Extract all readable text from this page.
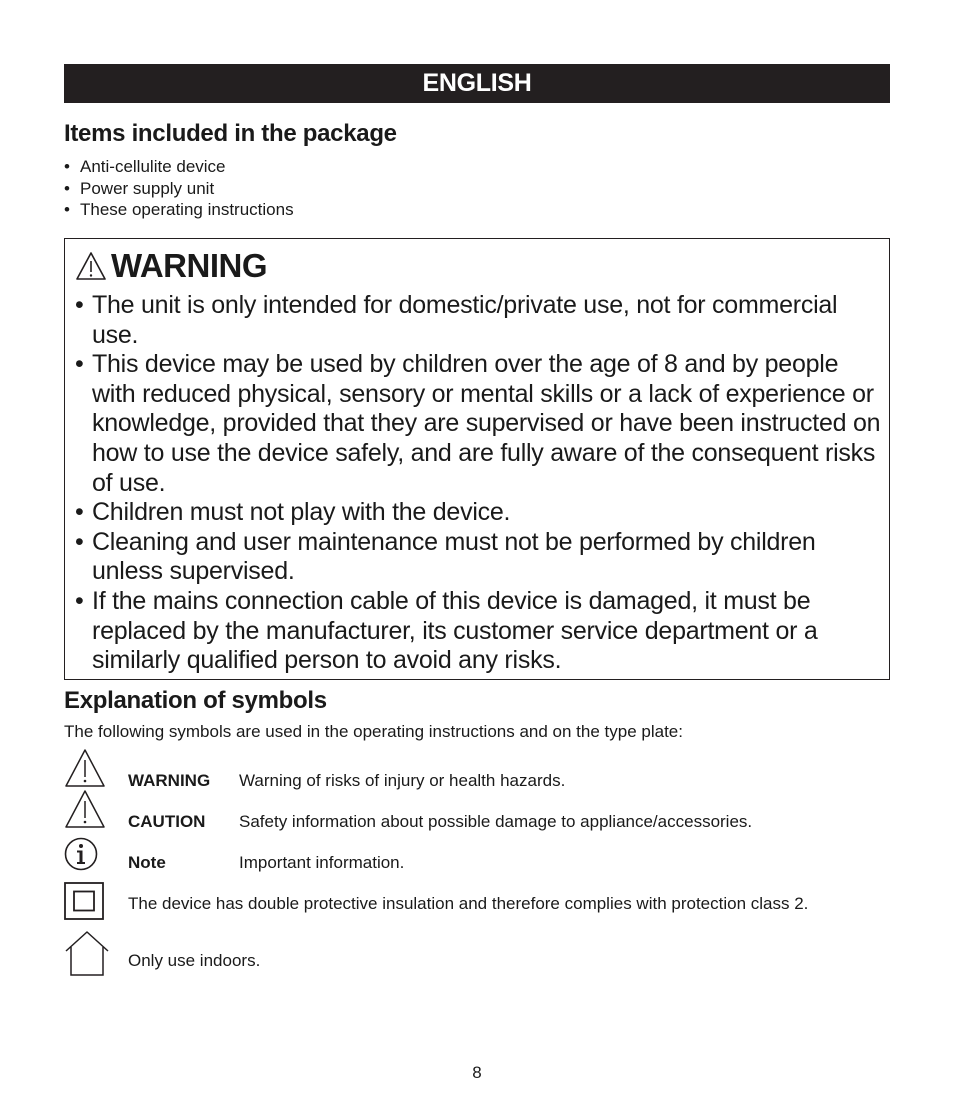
ENGLISH
Items included in the package
• Anti-cellulite device
• Power supply unit
• These operating instructions
WARNING
• The unit is only intended for domestic/private use, not for commercial use.
• This device may be used by children over the age of 8 and by people with reduced physical, sensory or mental skills or a lack of experience or knowledge, provided that they are supervised or have been instructed on how to use the device safely, and are fully aware of the consequent risks of use.
• Children must not play with the device.
• Cleaning and user maintenance must not be performed by children unless supervised.
• If the mains connection cable of this device is damaged, it must be replaced by the manufacturer, its customer service department or a similarly qualified person to avoid any risks.
Explanation of symbols
The following symbols are used in the operating instructions and on the type plate:
WARNING Warning of risks of injury or health hazards.
CAUTION Safety information about possible damage to appliance/accessories.
Note	Important information.
The device has double protective insulation and therefore complies with protection class 2.
Only use indoors.
8
